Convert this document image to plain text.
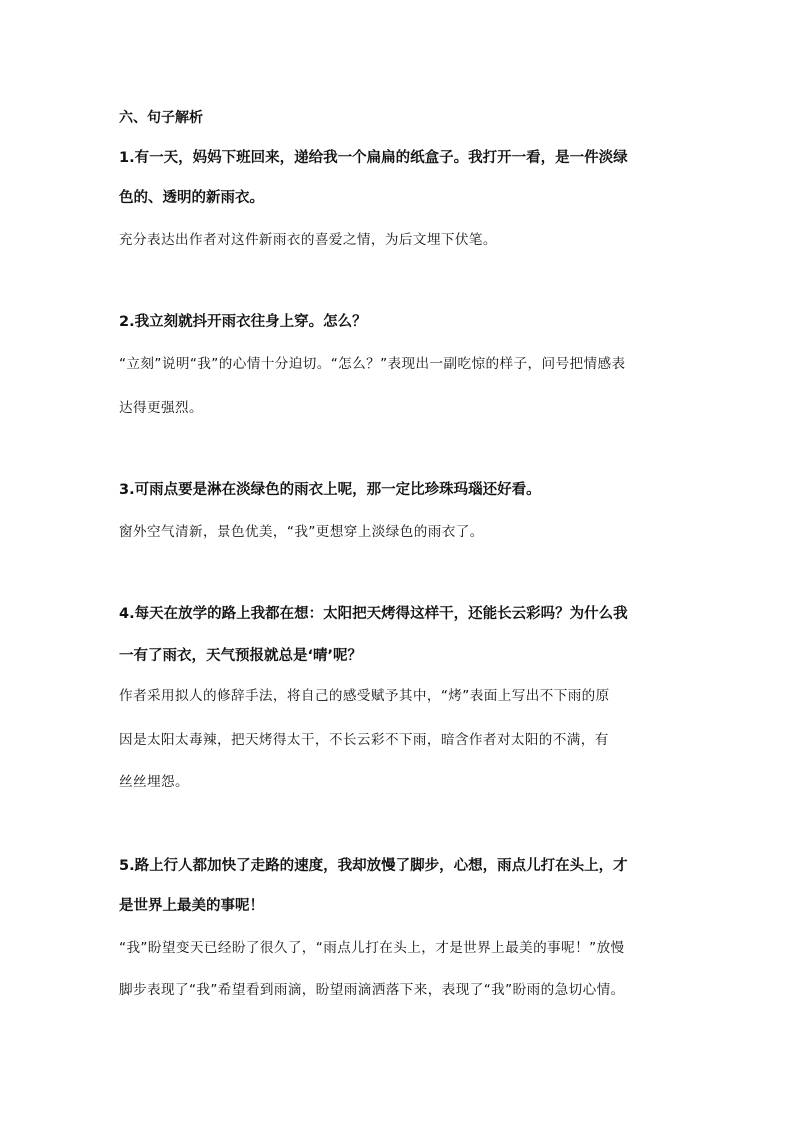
六、句子解析

1.有一天，妈妈下班回来，递给我一个扁扁的纸盒子。我打开一看，是一件淡绿

色的、透明的新雨衣。

充分表达出作者对这件新雨衣的喜爱之情，为后文埋下伏笔。

2.我立刻就抖开雨衣往身上穿。怎么？

“立刻”说明“我”的心情十分迫切。“怎么？”表现出一副吃惊的样子，问号把情感表

达得更强烈。

3.可雨点要是淋在淡绿色的雨衣上呢，那一定比珍珠玛瑙还好看。

窗外空气清新，景色优美，“我”更想穿上淡绿色的雨衣了。

4.每天在放学的路上我都在想：太阳把天烤得这样干，还能长云彩吗？为什么我

一有了雨衣，天气预报就总是‘晴’呢？

作者采用拟人的修辞手法，将自己的感受赋予其中，“烤”表面上写出不下雨的原

因是太阳太毒辣，把天烤得太干，不长云彩不下雨，暗含作者对太阳的不满，有

丝丝埋怨。

5.路上行人都加快了走路的速度，我却放慢了脚步，心想，雨点儿打在头上，才

是世界上最美的事呢！

“我”盼望变天已经盼了很久了，“雨点儿打在头上，才是世界上最美的事呢！”放慢

脚步表现了“我”希望看到雨滴，盼望雨滴洒落下来，表现了“我”盼雨的急切心情。
